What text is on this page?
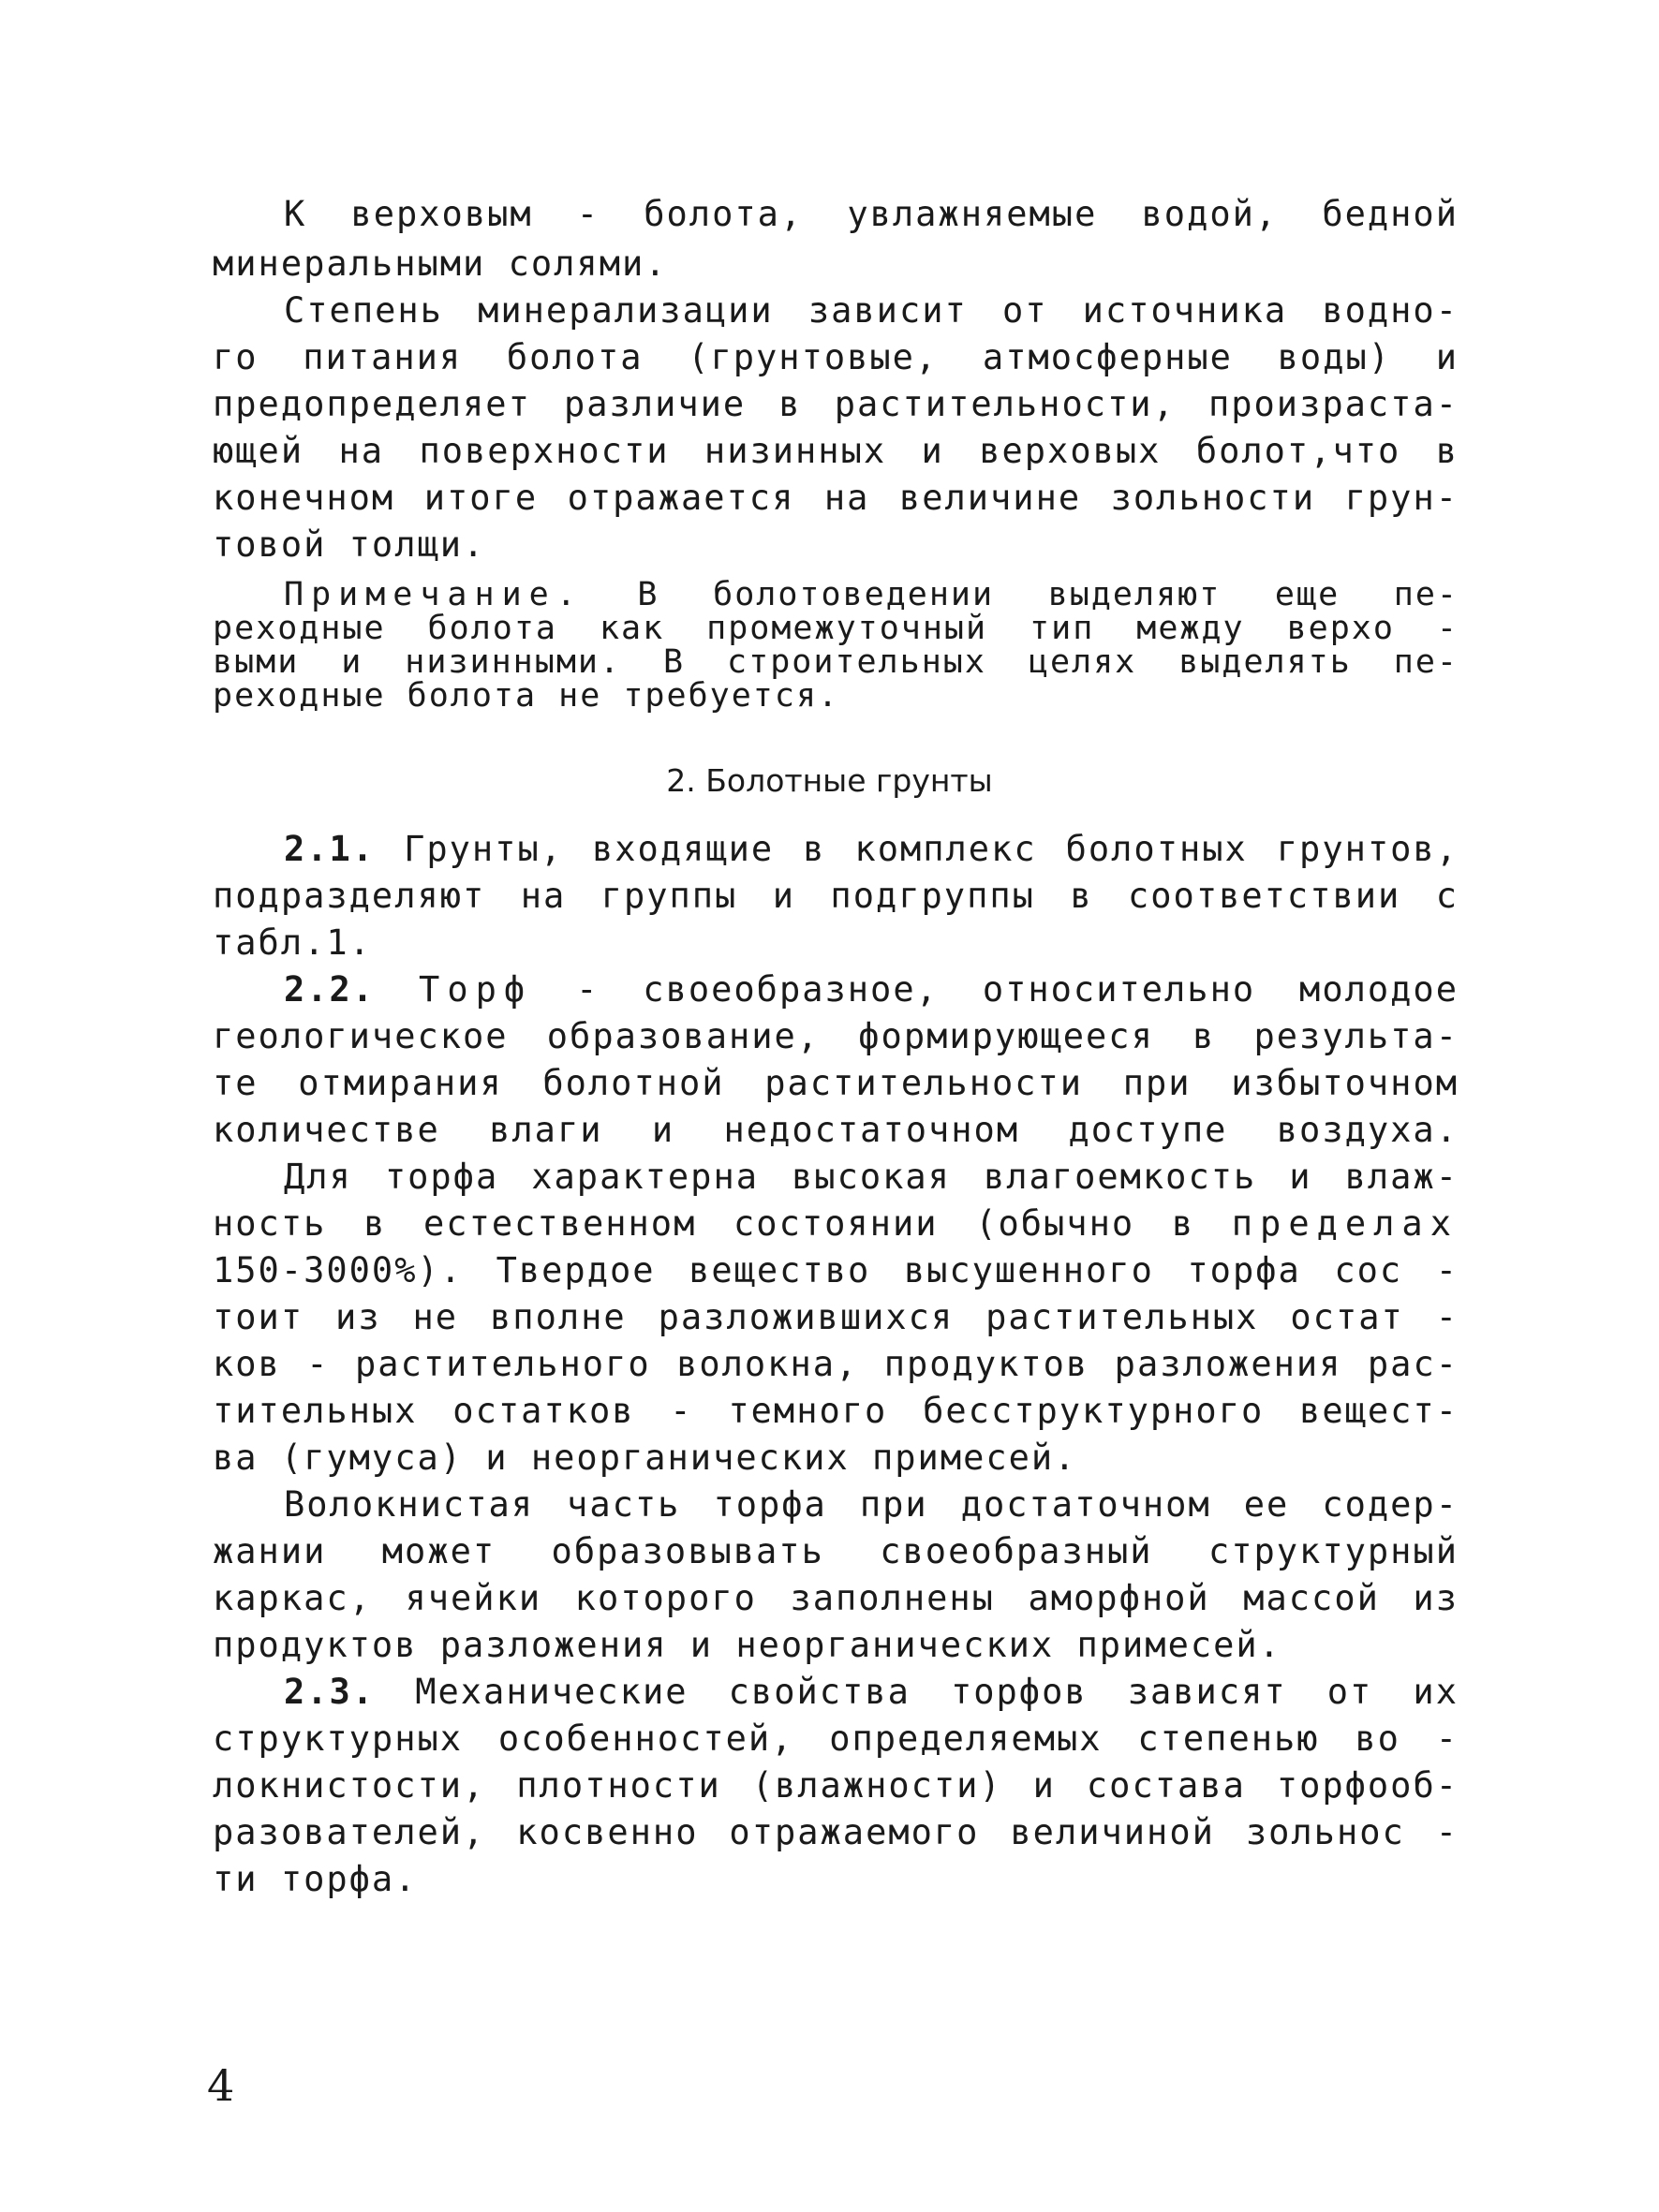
К верховым - болота, увлажняемые водой, бедной
минеральными солями.
Степень минерализации зависит от источника водно-
го питания болота (грунтовые, атмосферные воды) и
предопределяет различие в растительности, произраста-
ющей на поверхности низинных и верховых болот,что в
конечном итоге отражается на величине зольности грун-
товой толщи.
Примечание. В болотоведении выделяют еще пе-
реходные болота как промежуточный тип между верхо -
выми и низинными. В строительных целях выделять пе-
реходные болота не требуется.
2. Болотные грунты
2.1. Грунты, входящие в комплекс болотных грунтов,
подразделяют на группы и подгруппы в соответствии с
табл.1.
2.2. Торф - своеобразное, относительно молодое
геологическое образование, формирующееся в результа-
те отмирания болотной растительности при избыточном
количестве влаги и недостаточном доступе воздуха.
Для торфа характерна высокая влагоемкость и влаж-
ность в естественном состоянии (обычно в пределах
150-3000%). Твердое вещество высушенного торфа сос -
тоит из не вполне разложившихся растительных остат -
ков - растительного волокна, продуктов разложения рас-
тительных остатков - темного бесструктурного вещест-
ва (гумуса) и неорганических примесей.
Волокнистая часть торфа при достаточном ее содер-
жании может образовывать своеобразный структурный
каркас, ячейки которого заполнены аморфной массой из
продуктов разложения и неорганических примесей.
2.3. Механические свойства торфов зависят от их
структурных особенностей, определяемых степенью во -
локнистости, плотности (влажности) и состава торфооб-
разователей, косвенно отражаемого величиной зольнос -
ти торфа.
4
